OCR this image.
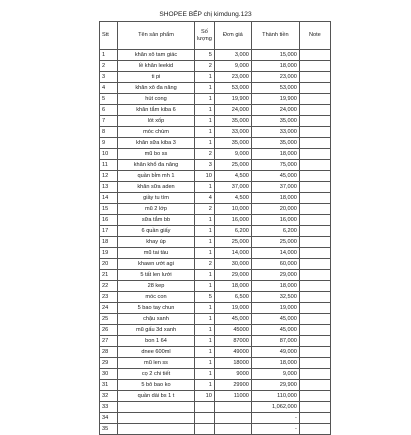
SHOPEE BẾP chị kimdung.123
Stt	Tên sản phẩm	Số lượng	Đơn giá	Thành tiền	Note
1	khăn xô tam giác	5	3,000	15,000	
2	lề khăn leekid	2	9,000	18,000	
3	ti pi	1	23,000	23,000	
4	khăn xô đa năng	1	53,000	53,000	
5	hút cong	1	19,900	19,900	
6	khăn tắm kiba 6	1	24,000	24,000	
7	lót xốp	1	35,000	35,000	
8	móc chùm	1	33,000	33,000	
9	khăn sữa kiba 3	1	35,000	35,000	
10	mũ bo ss	2	9,000	18,000	
11	khăn khổ đa năng	3	25,000	75,000	
12	quần bỉm mh 1	10	4,500	45,000	
13	khăn sữa aden	1	37,000	37,000	
14	giầy tu tím	4	4,500	18,000	
15	mũ 2 lớp	2	10,000	20,000	
16	sữa tắm bb	1	16,000	16,000	
17	6 quần giấy	1	6,200	6,200	
18	khay úp	1	25,000	25,000	
19	mũ tai tàu	1	14,000	14,000	
20	khawn ướt agi	2	30,000	60,000	
21	5 tất len lưới	1	29,000	29,000	
22	28 kep	1	18,000	18,000	
23	móc con	5	6,500	32,500	
24	5 bao tay chun	1	19,000	19,000	
25	chậu xanh	1	45,000	45,000	
26	mũ gấu 3d xanh	1	45000	45,000	
27	bon 1 64	1	87000	87,000	
28	dnee 600ml	1	49000	49,000	
29	mũ len ss	1	18000	18,000	
30	cọ 2 chi tiết	1	9000	9,000	
31	5 bô bao ko	1	29900	29,900	
32	quần dài bs 1 t	10	11000	110,000	
33				1,062,000	
34				-	
35				-	
